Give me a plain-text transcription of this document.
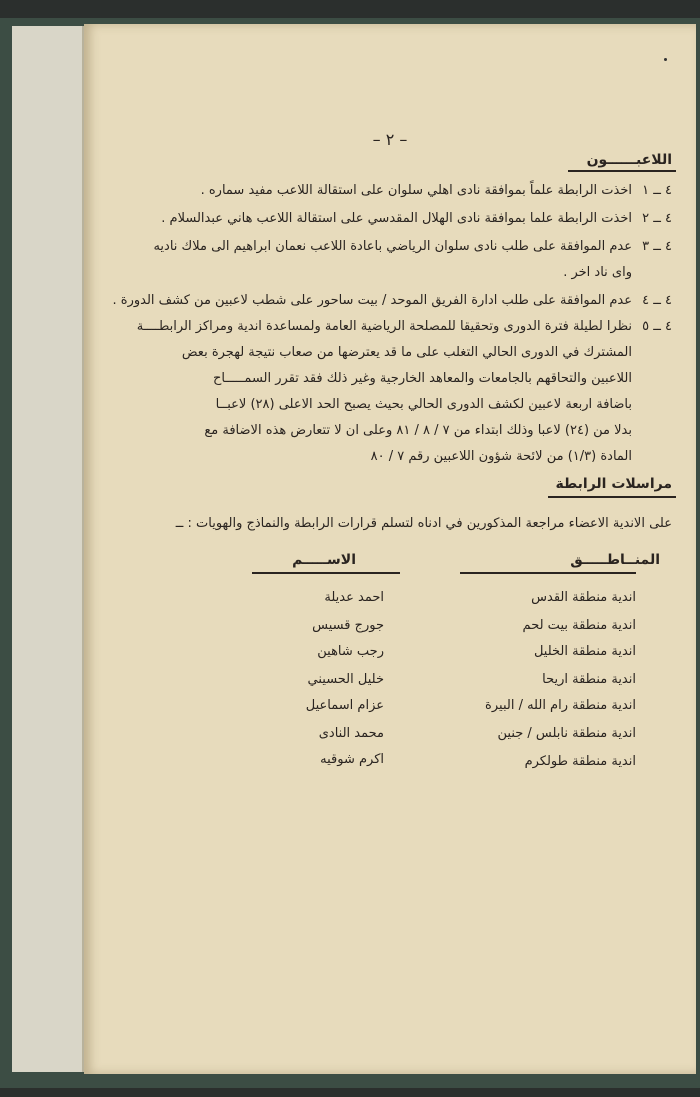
– ٢ –
اللاعبــــــون
٤ ــ ١اخذت الرابطة علماً بموافقة نادى اهلي سلوان على استقالة اللاعب مفيد سماره .
٤ ــ ٢اخذت الرابطة علما بموافقة نادى الهلال المقدسي على استقالة اللاعب هاني عبدالسلام .
٤ ــ ٣عدم الموافقة على طلب نادى سلوان الرياضي باعادة اللاعب نعمان ابراهيم الى ملاك ناديه
واى ناد اخر .
٤ ــ ٤عدم الموافقة على طلب ادارة الفريق الموحد / بيت ساحور على شطب لاعبين من كشف الدورة .
٤ ــ ٥نظرا لطيلة فترة الدورى وتحقيقا للمصلحة الرياضية العامة ولمساعدة اندية ومراكز الرابطــــة
المشترك في الدورى الحالي التغلب على ما قد يعترضها من صعاب نتيجة لهجرة بعض
اللاعبين والتحاقهم بالجامعات والمعاهد الخارجية وغير ذلك فقد تقرر السمـــــاح
باضافة اربعة لاعبين لكشف الدورى الحالي بحيث يصبح الحد الاعلى (٢٨) لاعبــا
بدلا من (٢٤) لاعبا وذلك ابتداء من ٧ / ٨ / ٨١ وعلى ان لا تتعارض هذه الاضافة مع
المادة (١/٣) من لائحة شؤون اللاعبين رقم ٧ / ٨٠
مراسلات الرابطة
على الاندية الاعضاء مراجعة المذكورين في ادناه لتسلم قرارات الرابطة والنماذج والهويات : ــ
المنــاطـــــق
الاســـــم
اندية منطقة القدس
احمد عديلة
اندية منطقة بيت لحم
جورج قسيس
اندية منطقة الخليل
رجب شاهين
اندية منطقة اريحا
خليل الحسيني
اندية منطقة رام الله / البيرة
عزام اسماعيل
اندية منطقة نابلس / جنين
محمد النادى
اندية منطقة طولكرم
اكرم شوقيه
